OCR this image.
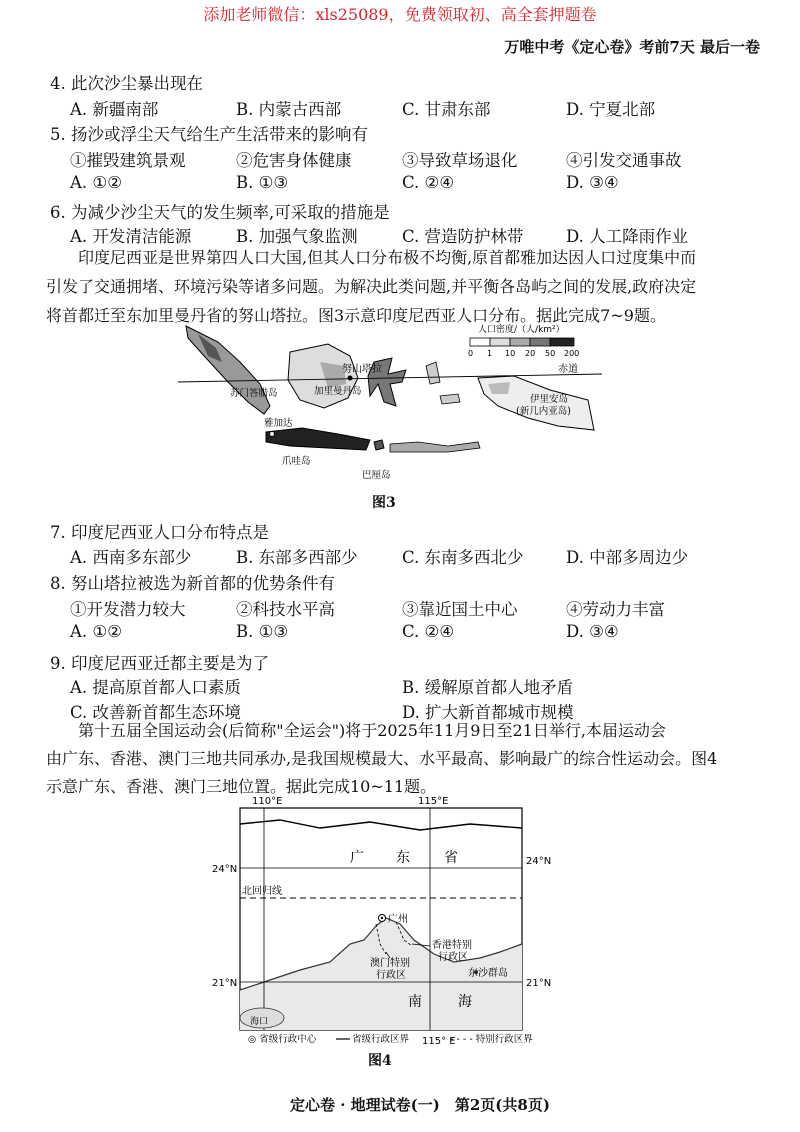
添加老师微信：xls25089，免费领取初、高全套押题卷
万唯中考《定心卷》考前7天 最后一卷
4. 此次沙尘暴出现在
A. 新疆南部	B. 内蒙古西部	C. 甘肃东部	D. 宁夏北部
5. 扬沙或浮尘天气给生产生活带来的影响有
①摧毁建筑景观	②危害身体健康	③导致草场退化	④引发交通事故
A. ①②	B. ①③	C. ②④	D. ③④
6. 为减少沙尘天气的发生频率,可采取的措施是
A. 开发清洁能源	B. 加强气象监测	C. 营造防护林带	D. 人工降雨作业
印度尼西亚是世界第四人口大国,但其人口分布极不均衡,原首都雅加达因人口过度集中而
引发了交通拥堵、环境污染等诸多问题。为解决此类问题,并平衡各岛屿之间的发展,政府决定
将首都迁至东加里曼丹省的努山塔拉。图3示意印度尼西亚人口分布。据此完成7~9题。
人口密度/（人/km²）
0 1 10 20 50 200
赤道
努山塔拉
苏门答腊岛	加里曼丹岛
伊里安岛
(新几内亚岛)
雅加达
爪哇岛
巴厘岛
图3
7. 印度尼西亚人口分布特点是
A. 西南多东部少	B. 东部多西部少	C. 东南多西北少	D. 中部多周边少
8. 努山塔拉被选为新首都的优势条件有
①开发潜力较大	②科技水平高	③靠近国土中心	④劳动力丰富
A. ①②	B. ①③	C. ②④	D. ③④
9. 印度尼西亚迁都主要是为了
A. 提高原首都人口素质	B. 缓解原首都人地矛盾
C. 改善新首都生态环境	D. 扩大新首都城市规模
第十五届全国运动会(后简称"全运会")将于2025年11月9日至21日举行,本届运动会
由广东、香港、澳门三地共同承办,是我国规模最大、水平最高、影响最广的综合性运动会。图4
示意广东、香港、澳门三地位置。据此完成10~11题。
110°E	115°E
115° E
24°N
24°N
21°N	21°N
广 东 省
北回归线
广州
香港特别
行政区
澳门特别
行政区	东沙群岛
南	海
海口
◎ 省级行政中心	省级行政区界	- - - - 特别行政区界
图4
定心卷 · 地理试卷(一)　第2页(共8页)
